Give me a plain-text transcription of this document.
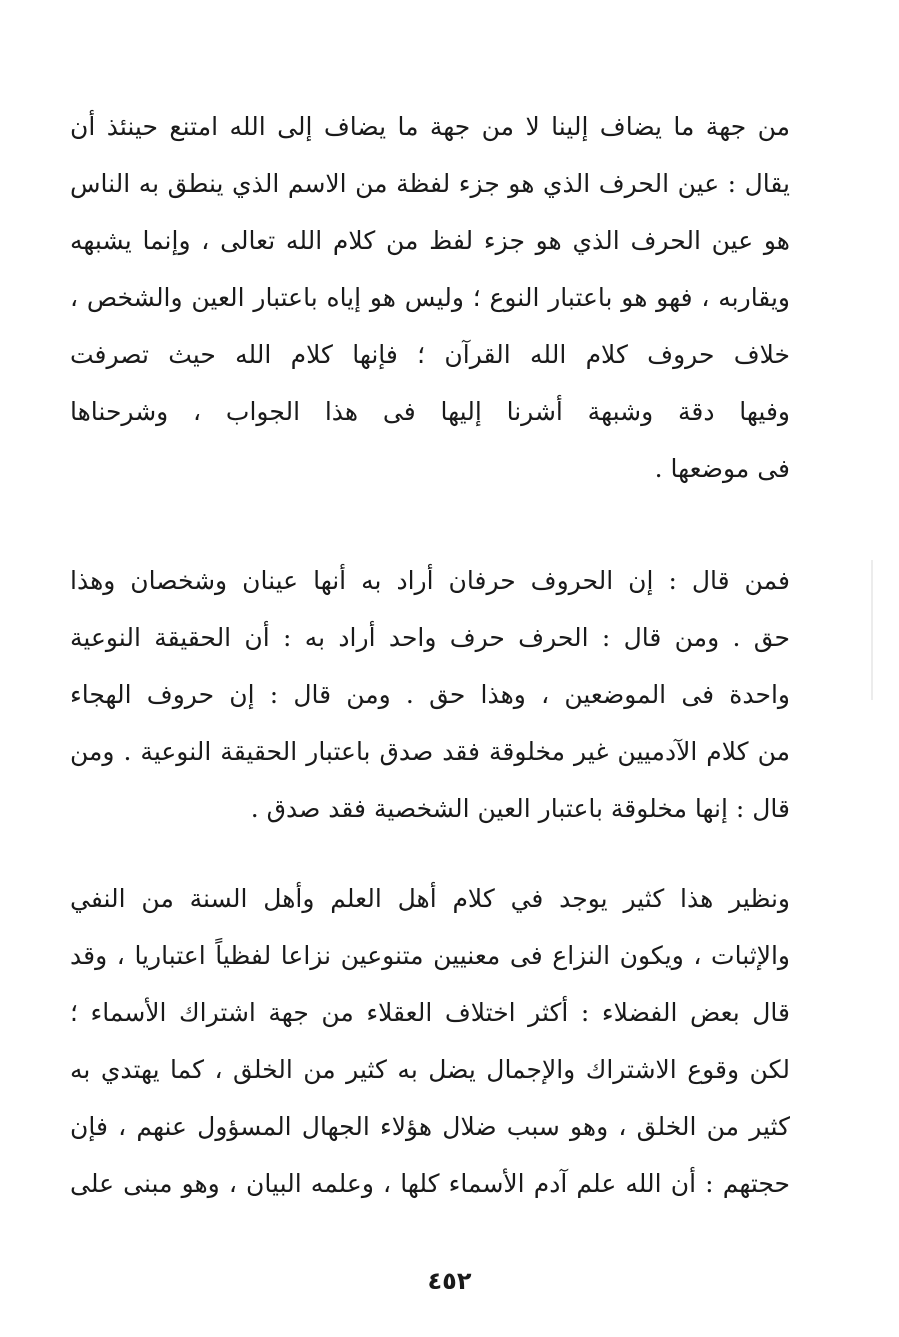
من جهة ما يضاف إلينا لا من جهة ما يضاف إلى الله امتنع حينئذ أن
يقال : عين الحرف الذي هو جزء لفظة من الاسم الذي ينطق به الناس
هو عين الحرف الذي هو جزء لفظ من كلام الله تعالى ، وإنما يشبهه
ويقاربه ، فهو هو باعتبار النوع ؛ وليس هو إياه باعتبار العين والشخص ،
خلاف حروف كلام الله القرآن ؛ فإنها كلام الله حيث تصرفت
وفيها دقة وشبهة أشرنا إليها فى هذا الجواب ، وشرحناها
فى موضعها .
فمن قال : إن الحروف حرفان أراد به أنها عينان وشخصان وهذا
حق . ومن قال : الحرف حرف واحد أراد به : أن الحقيقة النوعية
واحدة فى الموضعين ، وهذا حق . ومن قال : إن حروف الهجاء
من كلام الآدميين غير مخلوقة فقد صدق باعتبار الحقيقة النوعية . ومن
قال : إنها مخلوقة باعتبار العين الشخصية فقد صدق .
ونظير هذا كثير يوجد في كلام أهل العلم وأهل السنة من النفي
والإثبات ، ويكون النزاع فى معنيين متنوعين نزاعا لفظياً اعتباريا ، وقد
قال بعض الفضلاء : أكثر اختلاف العقلاء من جهة اشتراك الأسماء ؛
لكن وقوع الاشتراك والإجمال يضل به كثير من الخلق ، كما يهتدي به
كثير من الخلق ، وهو سبب ضلال هؤلاء الجهال المسؤول عنهم ، فإن
حجتهم : أن الله علم آدم الأسماء كلها ، وعلمه البيان ، وهو مبنى على
٤٥٢
